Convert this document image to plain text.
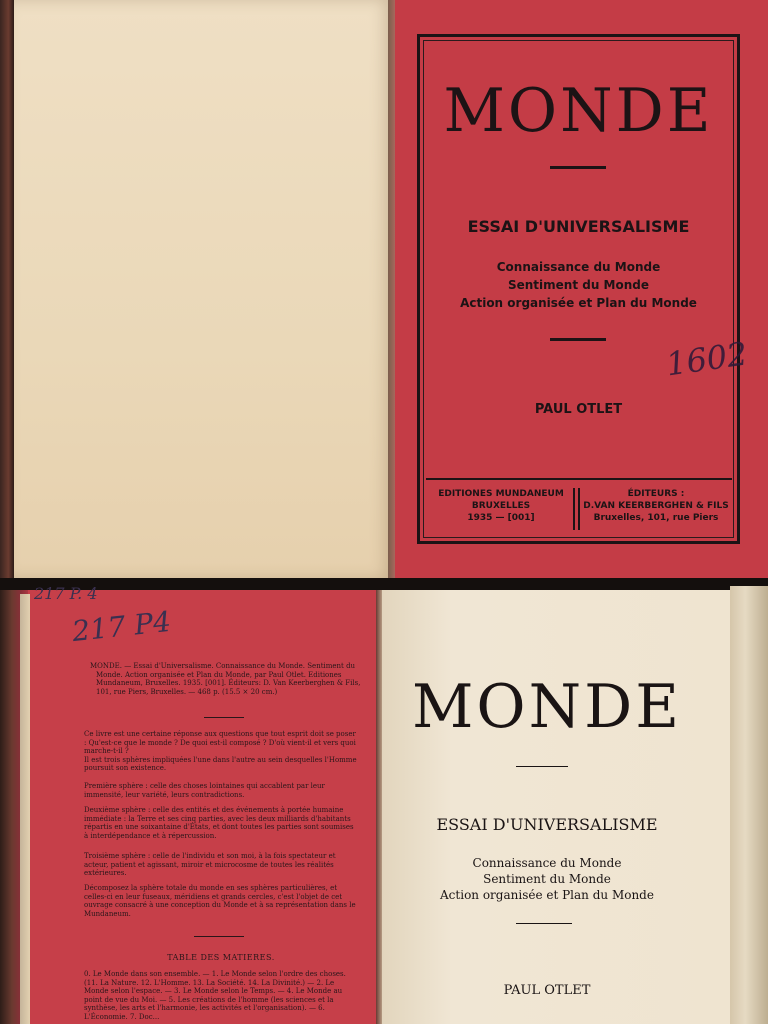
MONDE
ESSAI D'UNIVERSALISME
Connaissance du Monde
Sentiment du Monde
Action organisée et Plan du Monde
1602
PAUL OTLET
EDITIONES MUNDANEUM
BRUXELLES
1935 — [001]
ÉDITEURS :
D.VAN KEERBERGHEN & FILS
Bruxelles, 101, rue Piers
217 P. 4
217 P4
MONDE. — Essai d'Universalisme. Connaissance du Monde. Sentiment du Monde. Action organisée et Plan du Monde, par Paul Otlet. Editiones Mundaneum, Bruxelles. 1935. [001]. Éditeurs: D. Van Keerberghen & Fils, 101, rue Piers, Bruxelles. — 468 p. (15.5 × 20 cm.)
Ce livre est une certaine réponse aux questions que tout esprit doit se poser : Qu'est-ce que le monde ? De quoi est-il composé ? D'où vient-il et vers quoi marche-t-il ?
Il est trois sphères impliquées l'une dans l'autre au sein desquelles l'Homme poursuit son existence.
Première sphère : celle des choses lointaines qui accablent par leur immensité, leur variété, leurs contradictions.
Deuxième sphère : celle des entités et des événements à portée humaine immédiate : la Terre et ses cinq parties, avec les deux milliards d'habitants répartis en une soixantaine d'États, et dont toutes les parties sont soumises à interdépendance et à répercussion.
Troisième sphère : celle de l'individu et son moi, à la fois spectateur et acteur, patient et agissant, miroir et microcosme de toutes les réalités extérieures.
Décomposez la sphère totale du monde en ses sphères particulières, et celles-ci en leur fuseaux, méridiens et grands cercles, c'est l'objet de cet ouvrage consacré à une conception du Monde et à sa représentation dans le Mundaneum.
TABLE DES MATIERES.
0. Le Monde dans son ensemble. — 1. Le Monde selon l'ordre des choses. (11. La Nature. 12. L'Homme. 13. La Société. 14. La Divinité.) — 2. Le Monde selon l'espace. — 3. Le Monde selon le Temps. — 4. Le Monde au point de vue du Moi. — 5. Les créations de l'homme (les sciences et la synthèse, les arts et l'harmonie, les activités et l'organisation). — 6. L'Économie. 7. Doc...
MONDE
ESSAI D'UNIVERSALISME
Connaissance du Monde
Sentiment du Monde
Action organisée et Plan du Monde
PAUL OTLET
